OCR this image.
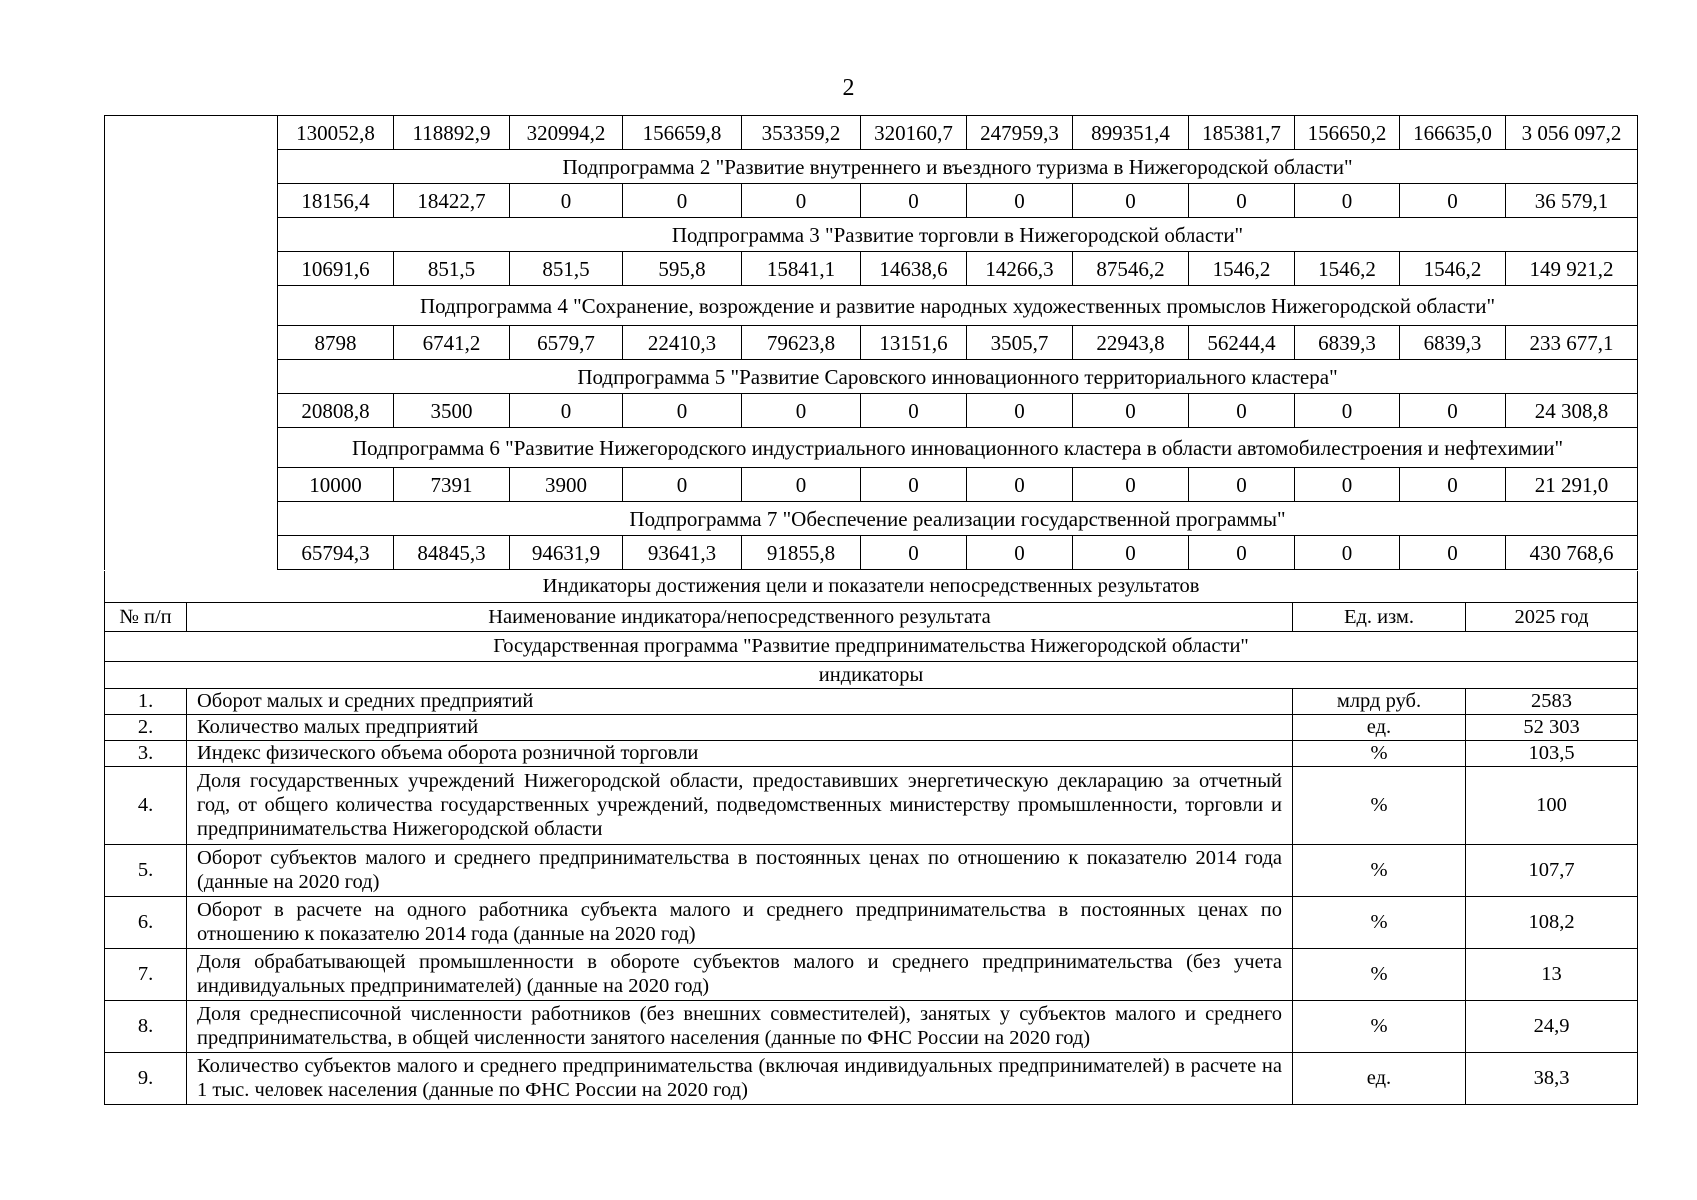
2
	130052,8	118892,9	320994,2	156659,8	353359,2	320160,7	247959,3	899351,4	185381,7	156650,2	166635,0	3 056 097,2
	Подпрограмма 2 "Развитие внутреннего и въездного туризма в Нижегородской области"											
	18156,4	18422,7	0	0	0	0	0	0	0	0	0	36 579,1
	Подпрограмма 3 "Развитие торговли в Нижегородской области"											
	10691,6	851,5	851,5	595,8	15841,1	14638,6	14266,3	87546,2	1546,2	1546,2	1546,2	149 921,2
	Подпрограмма 4 "Сохранение, возрождение и развитие народных художественных промыслов Нижегородской области"											
	8798	6741,2	6579,7	22410,3	79623,8	13151,6	3505,7	22943,8	56244,4	6839,3	6839,3	233 677,1
	Подпрограмма 5 "Развитие Саровского инновационного территориального кластера"											
	20808,8	3500	0	0	0	0	0	0	0	0	0	24 308,8
	Подпрограмма 6 "Развитие Нижегородского индустриального инновационного кластера в области автомобилестроения и нефтехимии"											
	10000	7391	3900	0	0	0	0	0	0	0	0	21 291,0
	Подпрограмма 7 "Обеспечение реализации государственной программы"											
	65794,3	84845,3	94631,9	93641,3	91855,8	0	0	0	0	0	0	430 768,6
Индикаторы достижения цели и показатели непосредственных результатов			
№ п/п	Наименование индикатора/непосредственного результата	Ед. изм.	2025 год
Государственная программа "Развитие предпринимательства Нижегородской области"			
индикаторы			
1.	Оборот малых и средних предприятий	млрд руб.	2583
2.	Количество малых предприятий	ед.	52 303
3.	Индекс физического объема оборота розничной торговли	%	103,5
4.	Доля государственных учреждений Нижегородской области, предоставивших энергетическую декларацию за отчетный год, от общего количества государственных учреждений, подведомственных министерству промышленности, торговли и предпринимательства Нижегородской области	%	100
5.	Оборот субъектов малого и среднего предпринимательства в постоянных ценах по отношению к показателю 2014 года (данные на 2020 год)	%	107,7
6.	Оборот в расчете на одного работника субъекта малого и среднего предпринимательства в постоянных ценах по отношению к показателю 2014 года (данные на 2020 год)	%	108,2
7.	Доля обрабатывающей промышленности в обороте субъектов малого и среднего предпринимательства (без учета индивидуальных предпринимателей) (данные на 2020 год)	%	13
8.	Доля среднесписочной численности работников (без внешних совместителей), занятых у субъектов малого и среднего предпринимательства, в общей численности занятого населения (данные по ФНС России на 2020 год)	%	24,9
9.	Количество субъектов малого и среднего предпринимательства (включая индивидуальных предпринимателей) в расчете на 1 тыс. человек населения (данные по ФНС России на 2020 год)	ед.	38,3
